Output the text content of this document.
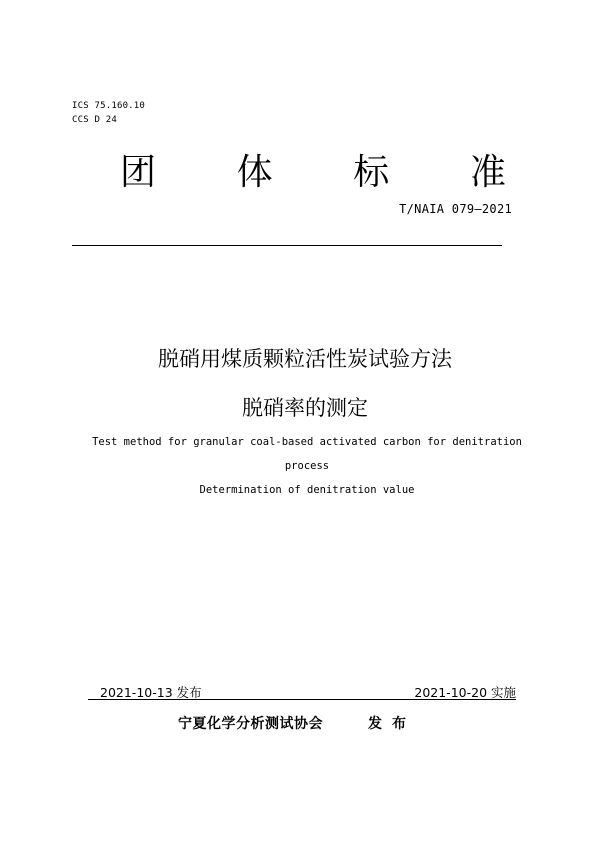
ICS 75.160.10
CCS D 24
团 体 标 准
T/NAIA 079—2021
脱硝用煤质颗粒活性炭试验方法
脱硝率的测定
Test method for granular coal-based activated carbon for denitration
process
Determination of denitration value
2021-10-13 发布	2021-10-20 实施
宁夏化学分析测试协会	发布
